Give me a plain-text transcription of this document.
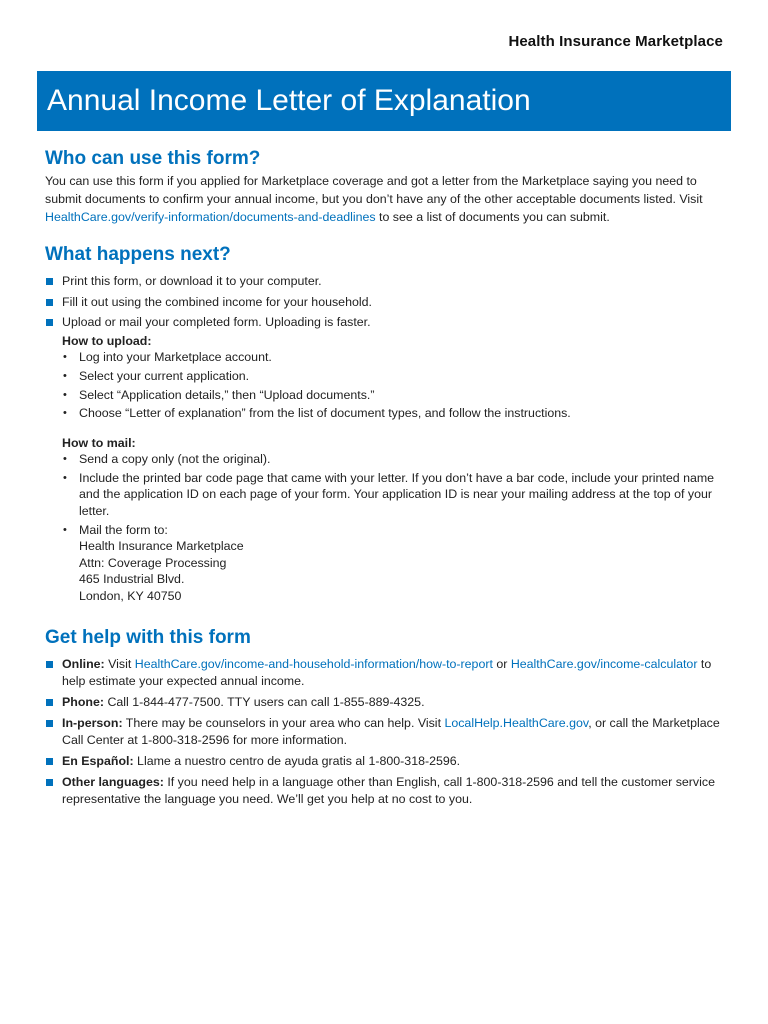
Health Insurance Marketplace
Annual Income Letter of Explanation
Who can use this form?

You can use this form if you applied for Marketplace coverage and got a letter from the Marketplace saying you need to submit documents to confirm your annual income, but you don’t have any of the other acceptable documents listed. Visit HealthCare.gov/verify-information/documents-and-deadlines to see a list of documents you can submit.

What happens next?
Print this form, or download it to your computer.
Fill it out using the combined income for your household.
Upload or mail your completed form. Uploading is faster.
How to upload:
• Log into your Marketplace account.
• Select your current application.
• Select “Application details,” then “Upload documents.”
• Choose “Letter of explanation” from the list of document types, and follow the instructions.
How to mail:
• Send a copy only (not the original).
• Include the printed bar code page that came with your letter. If you don’t have a bar code, include your printed name and the application ID on each page of your form. Your application ID is near your mailing address at the top of your letter.
• Mail the form to:
Health Insurance Marketplace
Attn: Coverage Processing
465 Industrial Blvd.
London, KY 40750
Get help with this form
Online: Visit HealthCare.gov/income-and-household-information/how-to-report or HealthCare.gov/income-calculator to help estimate your expected annual income.
Phone: Call 1-844-477-7500. TTY users can call 1-855-889-4325.
In-person: There may be counselors in your area who can help. Visit LocalHelp.HealthCare.gov, or call the Marketplace Call Center at 1-800-318-2596 for more information.
En Español: Llame a nuestro centro de ayuda gratis al 1-800-318-2596.
Other languages: If you need help in a language other than English, call 1-800-318-2596 and tell the customer service representative the language you need. We’ll get you help at no cost to you.
